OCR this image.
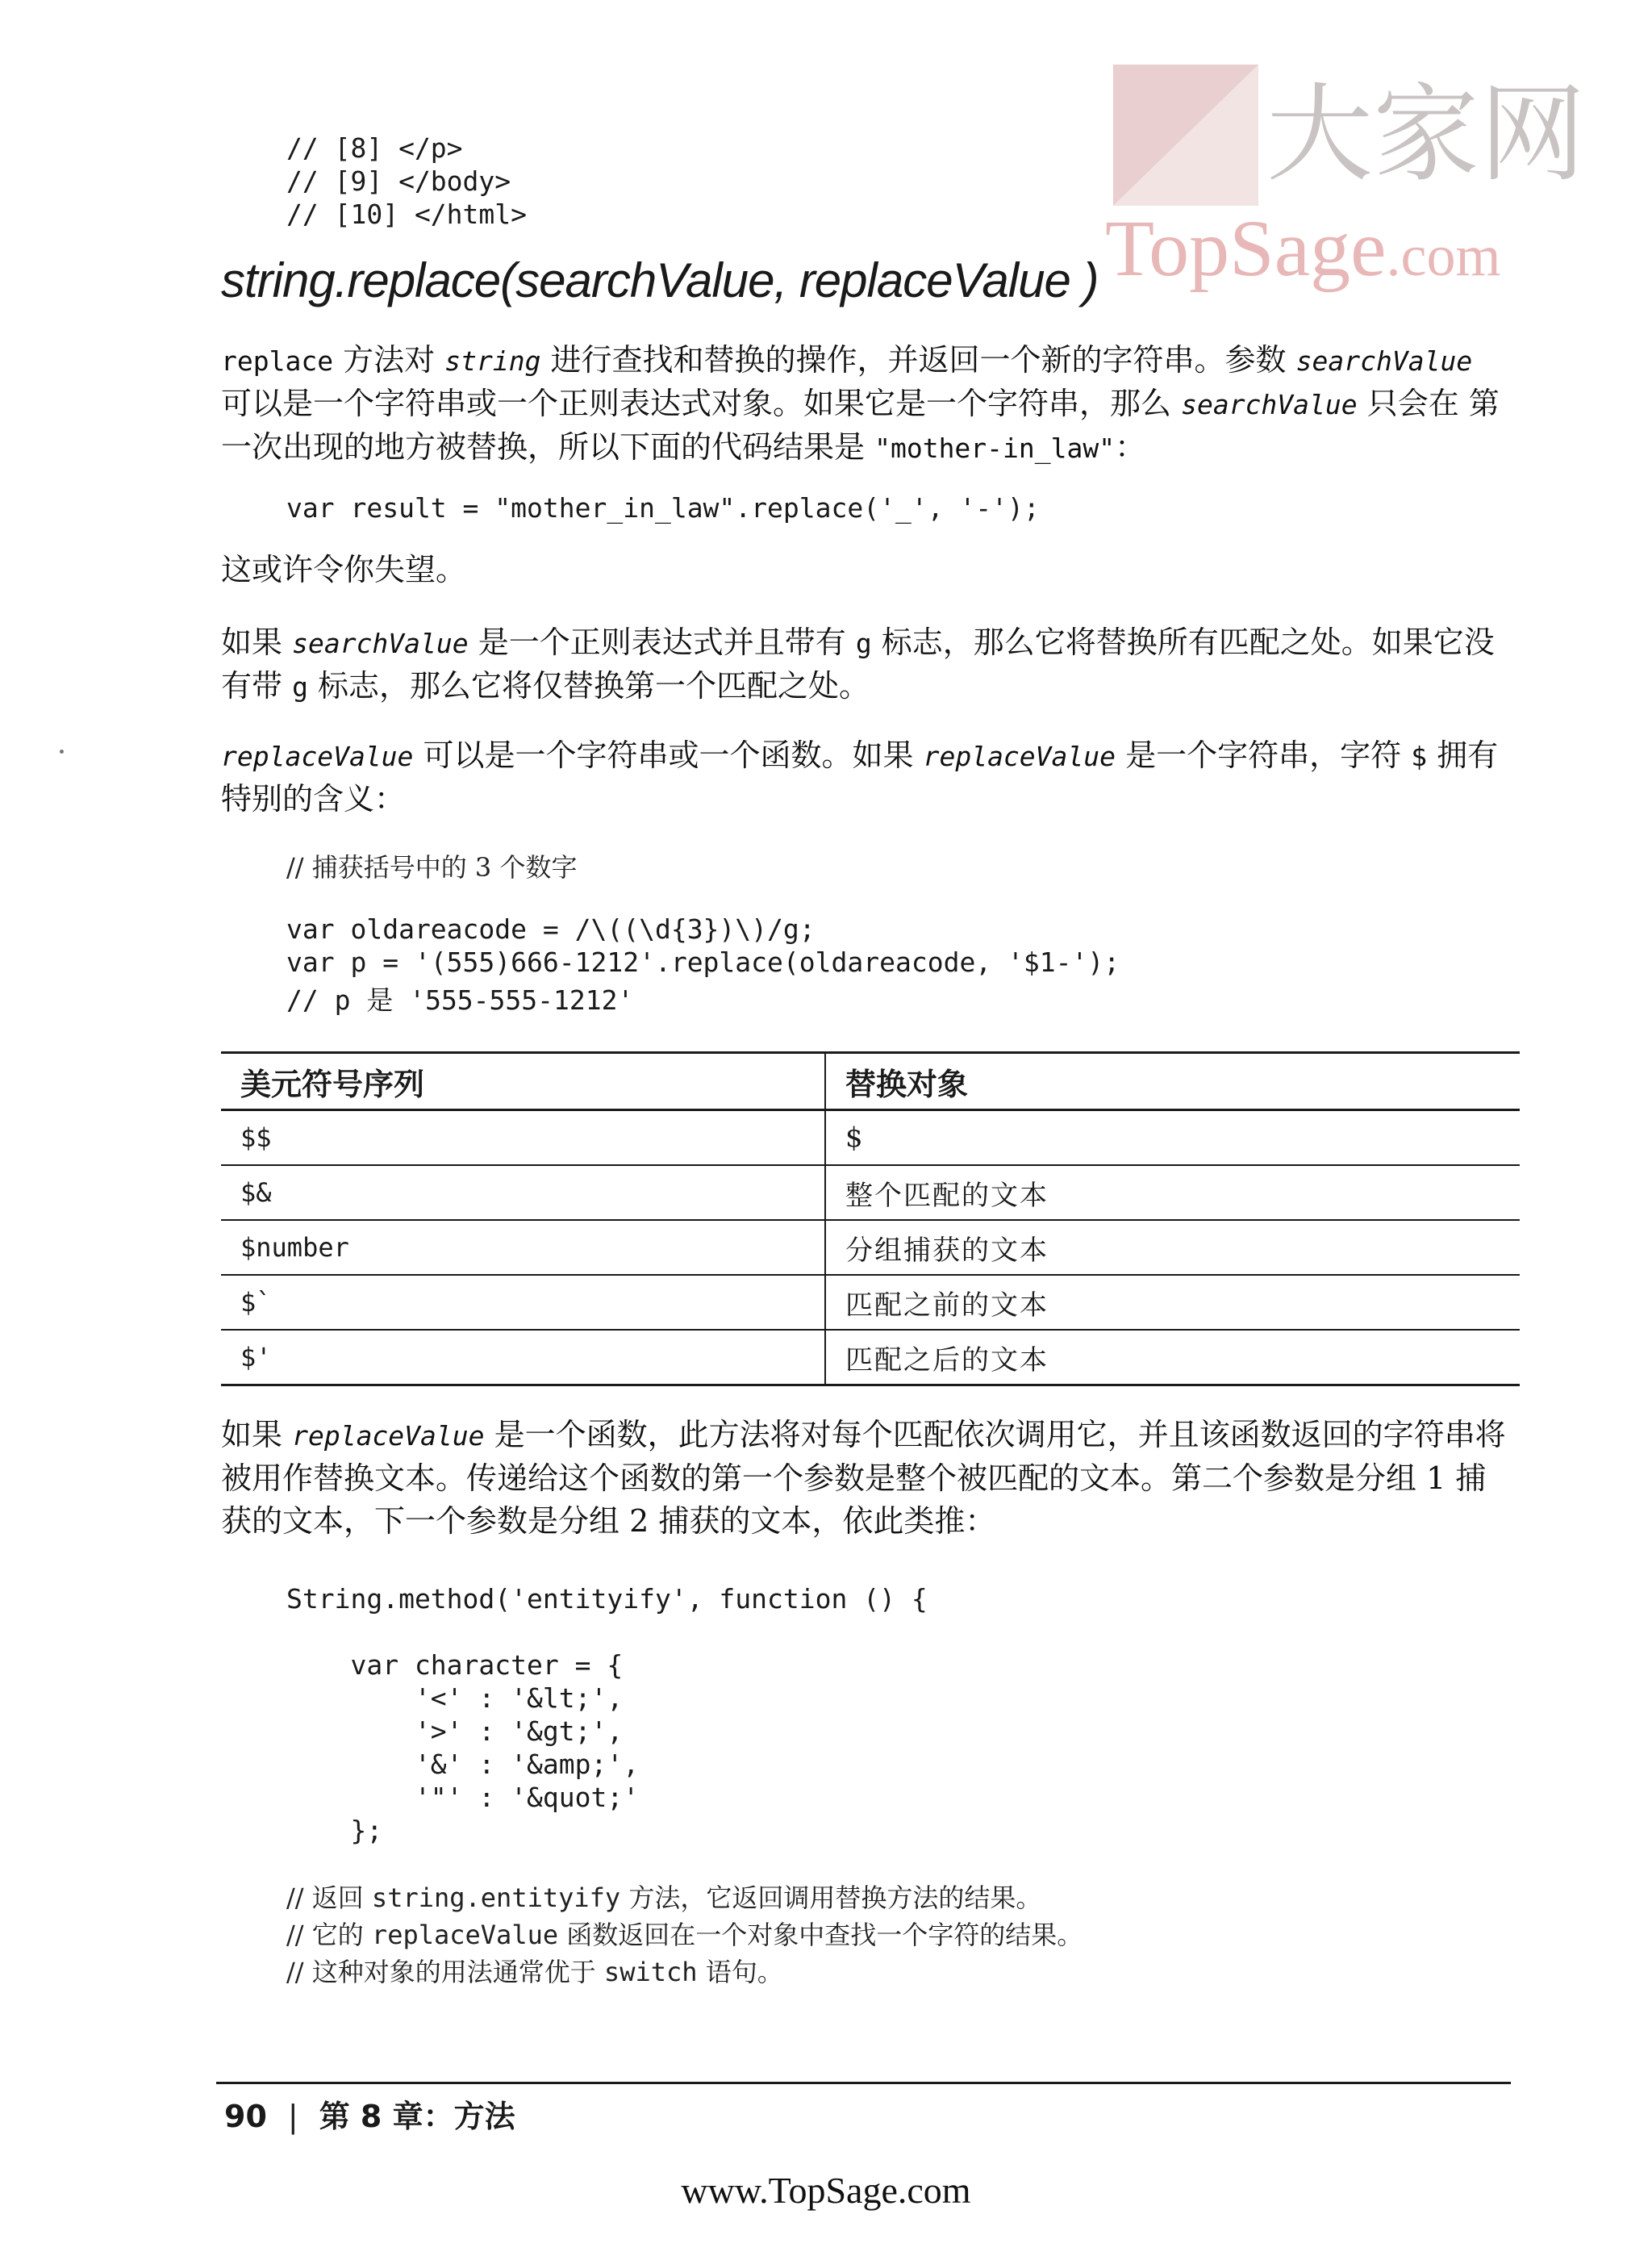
大家网
TopSage.com
// [8] </p>
// [9] </body>
// [10] </html>
string.replace(searchValue, replaceValue )
replace 方法对 string 进行查找和替换的操作，并返回一个新的字符串。参数 searchValue 可以是一个字符串或一个正则表达式对象。如果它是一个字符串，那么 searchValue 只会在 第一次出现的地方被替换，所以下面的代码结果是 "mother-in_law"：
var result = "mother_in_law".replace('_', '-');
这或许令你失望。
如果 searchValue 是一个正则表达式并且带有 g 标志，那么它将替换所有匹配之处。如果它没有带 g 标志，那么它将仅替换第一个匹配之处。
replaceValue 可以是一个字符串或一个函数。如果 replaceValue 是一个字符串，字符 $ 拥有特别的含义：
// 捕获括号中的 3 个数字
var oldareacode = /\((\d{3})\)/g;
var p = '(555)666-1212'.replace(oldareacode, '$1-');
// p 是 '555-555-1212'
美元符号序列	替换对象
$$	$
$&	整个匹配的文本
$number	分组捕获的文本
$`	匹配之前的文本
$'	匹配之后的文本
如果 replaceValue 是一个函数，此方法将对每个匹配依次调用它，并且该函数返回的字符串将被用作替换文本。传递给这个函数的第一个参数是整个被匹配的文本。第二个参数是分组 1 捕获的文本，下一个参数是分组 2 捕获的文本，依此类推：
String.method('entityify', function () {
var character = {
'<' : '&lt;',
'>' : '&gt;',
'&' : '&amp;',
'"' : '&quot;'
};
// 返回 string.entityify 方法，它返回调用替换方法的结果。
// 它的 replaceValue 函数返回在一个对象中查找一个字符的结果。
// 这种对象的用法通常优于 switch 语句。
90 | 第 8 章：方法
www.TopSage.com
